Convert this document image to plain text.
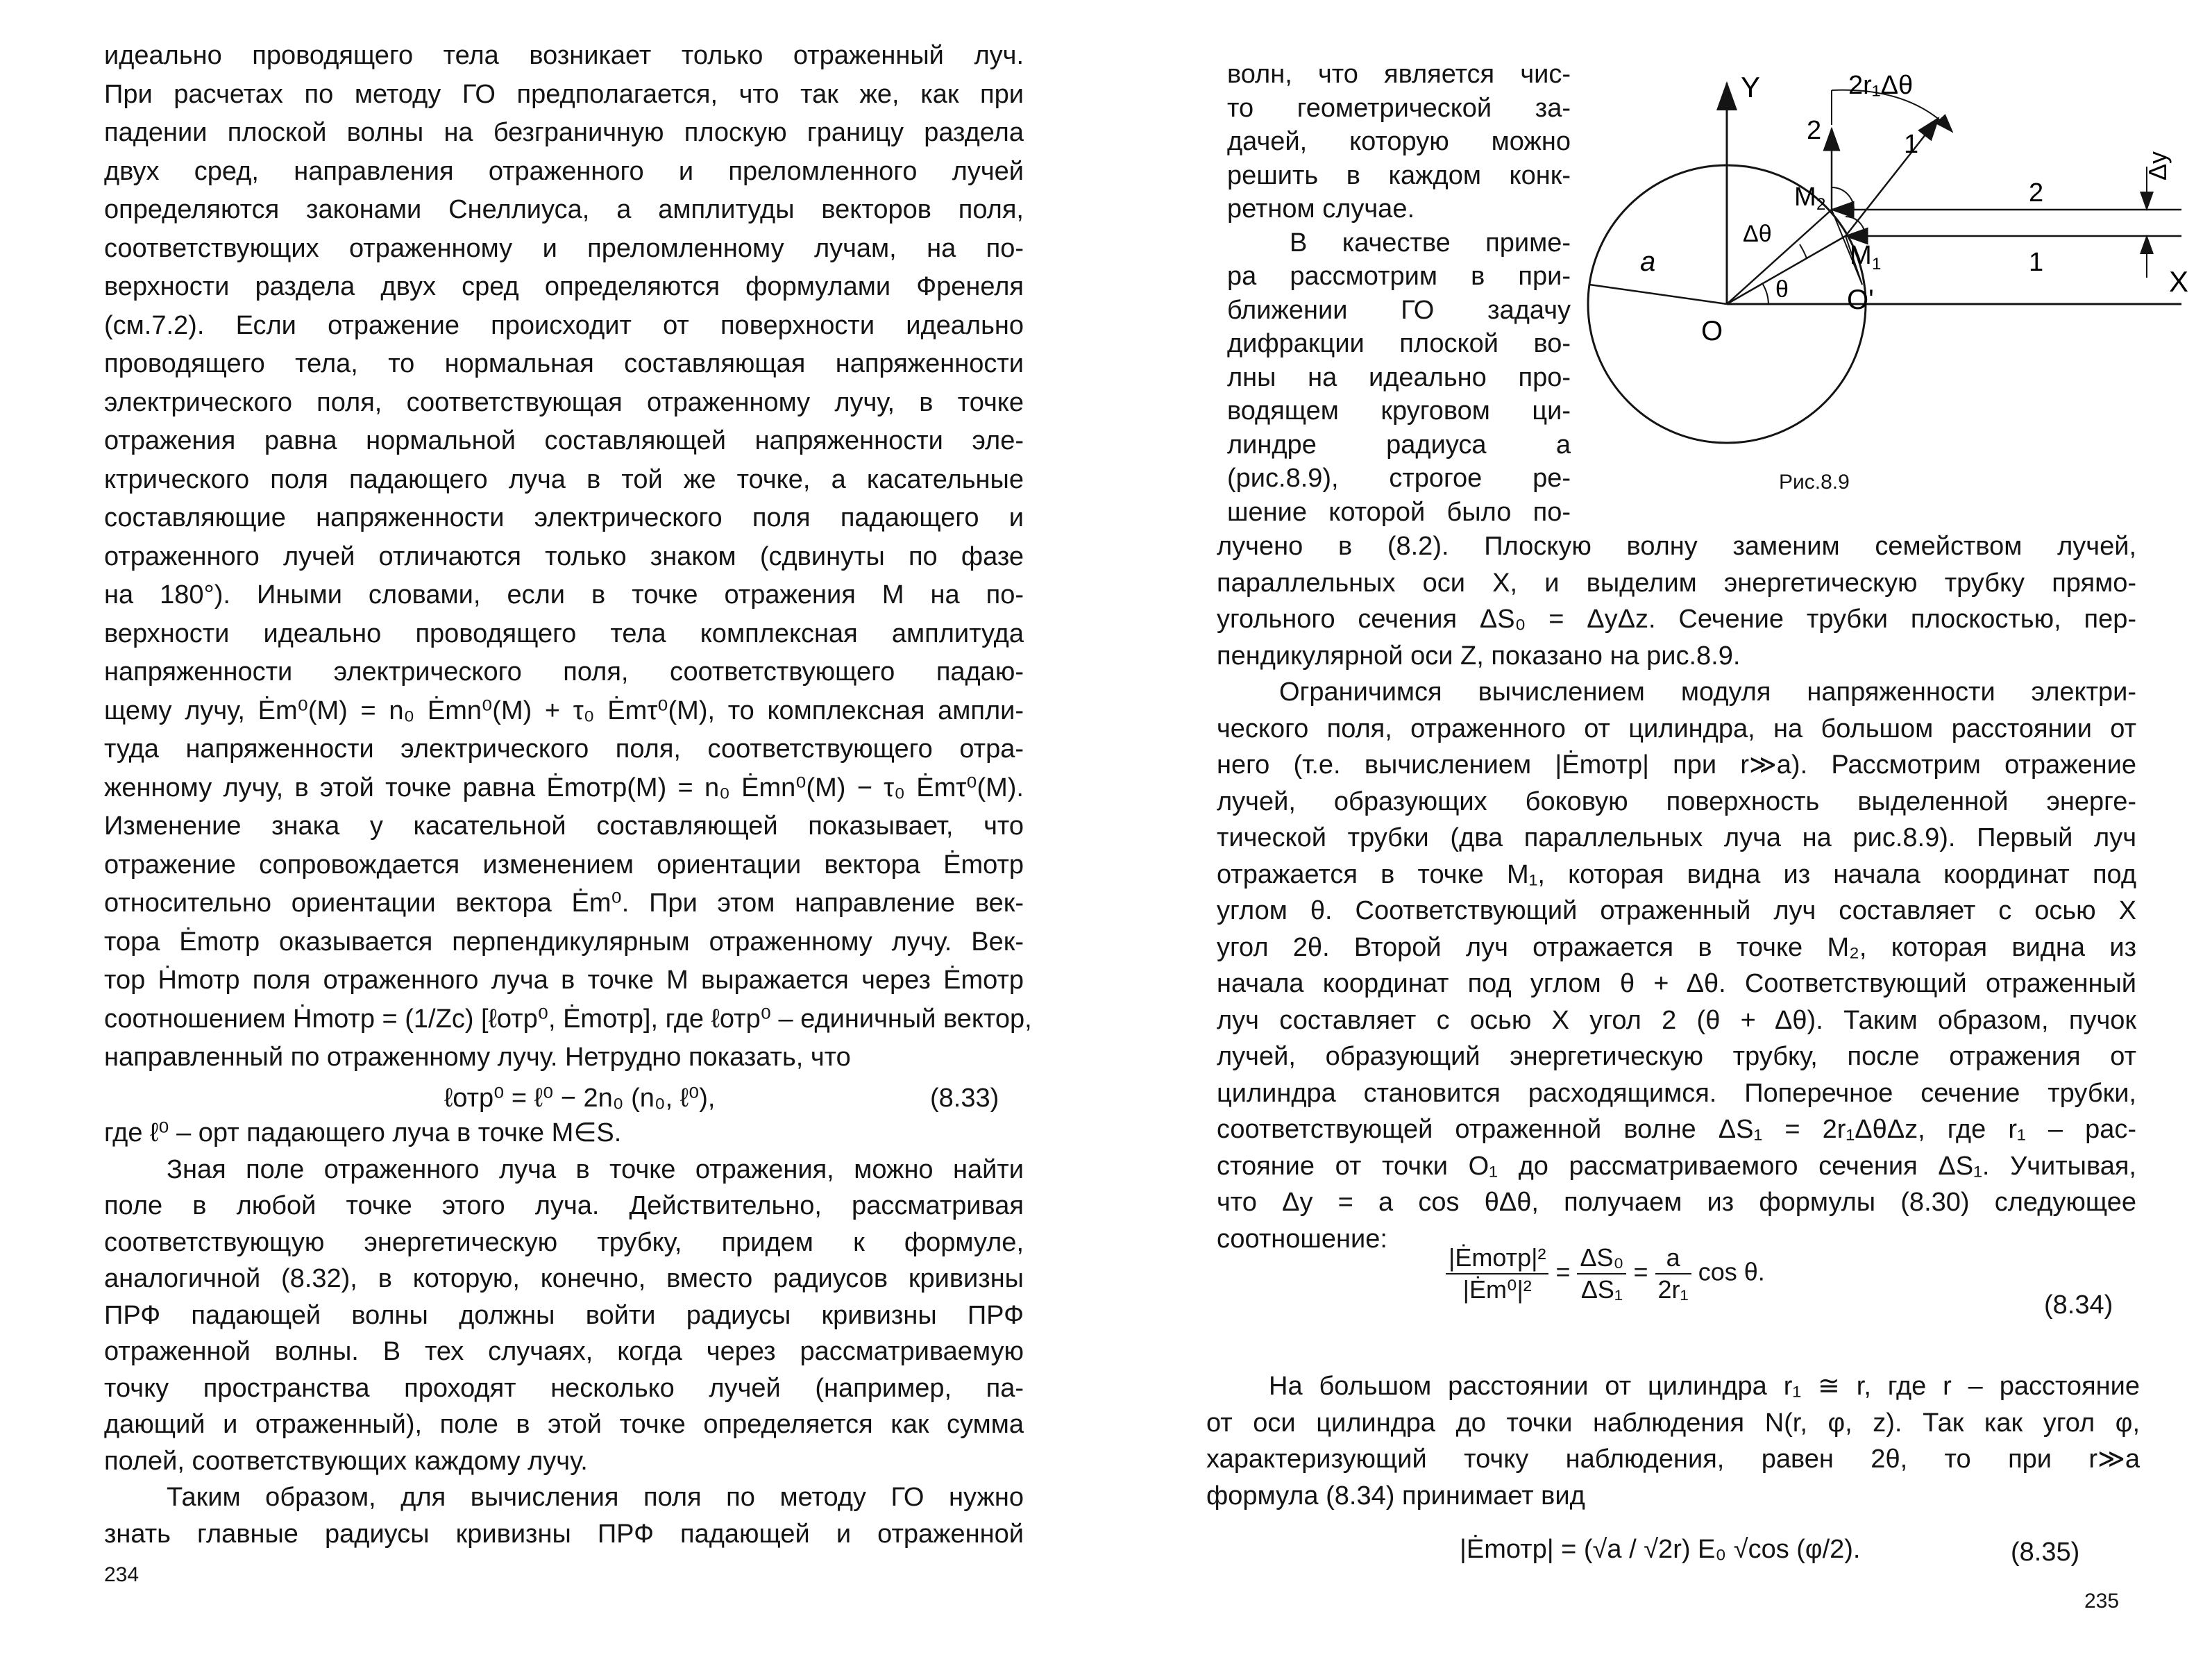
идеально проводящего тела возникает только отраженный луч.
При расчетах по методу ГО предполагается, что так же, как при
падении плоской волны на безграничную плоскую границу раздела
двух сред, направления отраженного и преломленного лучей
определяются законами Снеллиуса, а амплитуды векторов поля,
соответствующих отраженному и преломленному лучам, на по-
верхности раздела двух сред определяются формулами Френеля
(см.7.2). Если отражение происходит от поверхности идеально
проводящего тела, то нормальная составляющая напряженности
электрического поля, соответствующая отраженному лучу, в точке
отражения равна нормальной составляющей напряженности эле-
ктрического поля падающего луча в той же точке, а касательные
составляющие напряженности электрического поля падающего и
отраженного лучей отличаются только знаком (сдвинуты по фазе
на 180°). Иными словами, если в точке отражения M на по-
верхности идеально проводящего тела комплексная амплитуда
напряженности электрического поля, соответствующего падаю-
щему лучу, Ėm⁰(M) = n₀ Ėmn⁰(M) + τ₀ Ėmτ⁰(M), то комплексная ампли-
туда напряженности электрического поля, соответствующего отра-
женному лучу, в этой точке равна Ėmотр(M) = n₀ Ėmn⁰(M) − τ₀ Ėmτ⁰(M).
Изменение знака у касательной составляющей показывает, что
отражение сопровождается изменением ориентации вектора Ėmотр
относительно ориентации вектора Ėm⁰. При этом направление век-
тора Ėmотр оказывается перпендикулярным отраженному лучу. Век-
тор Ḣmотр поля отраженного луча в точке M выражается через Ėmотр
соотношением Ḣmотр = (1/Zc) [ℓотр⁰, Ėmотр], где ℓотр⁰ – единичный вектор,
направленный по отраженному лучу. Нетрудно показать, что
ℓотр⁰ = ℓ⁰ − 2n₀ (n₀, ℓ⁰),	(8.33)
где ℓ⁰ – орт падающего луча в точке M∈S.
Зная поле отраженного луча в точке отражения, можно найти
поле в любой точке этого луча. Действительно, рассматривая
соответствующую энергетическую трубку, придем к формуле,
аналогичной (8.32), в которую, конечно, вместо радиусов кривизны
ПРФ падающей волны должны войти радиусы кривизны ПРФ
отраженной волны. В тех случаях, когда через рассматриваемую
точку пространства проходят несколько лучей (например, па-
дающий и отраженный), поле в этой точке определяется как сумма
полей, соответствующих каждому лучу.
Таким образом, для вычисления поля по методу ГО нужно
знать главные радиусы кривизны ПРФ падающей и отраженной
234
волн, что является чис-
то геометрической за-
дачей, которую можно
решить в каждом конк-
ретном случае.
В качестве приме-
ра рассмотрим в при-
ближении ГО задачу
дифракции плоской во-
лны на идеально про-
водящем круговом ци-
линдре радиуса a
(рис.8.9), строгое ре-
шение которой было по-
Y
X
O
O'
a
Δθ
θ
M 2
M 1
2r₁Δθ
Δy
2	1
2
1
Рис.8.9
лучено в (8.2). Плоскую волну заменим семейством лучей,
параллельных оси X, и выделим энергетическую трубку прямо-
угольного сечения ΔS₀ = ΔyΔz. Сечение трубки плоскостью, пер-
пендикулярной оси Z, показано на рис.8.9.
Ограничимся вычислением модуля напряженности электри-
ческого поля, отраженного от цилиндра, на большом расстоянии от
него (т.е. вычислением |Ėmотр| при r≫a). Рассмотрим отражение
лучей, образующих боковую поверхность выделенной энерге-
тической трубки (два параллельных луча на рис.8.9). Первый луч
отражается в точке M₁, которая видна из начала координат под
углом θ. Соответствующий отраженный луч составляет с осью X
угол 2θ. Второй луч отражается в точке M₂, которая видна из
начала координат под углом θ + Δθ. Соответствующий отраженный
луч составляет с осью X угол 2 (θ + Δθ). Таким образом, пучок
лучей, образующий энергетическую трубку, после отражения от
цилиндра становится расходящимся. Поперечное сечение трубки,
соответствующей отраженной волне ΔS₁ = 2r₁ΔθΔz, где r₁ – рас-
стояние от точки O₁ до рассматриваемого сечения ΔS₁. Учитывая,
что Δy = a cos θΔθ, получаем из формулы (8.30) следующее
соотношение:
$\frac{\text{|Ėmотр|²}}{\text{|Ėm⁰|²}} = \frac{\text{ΔS₀}}{\text{ΔS₁}} = \frac{a}{\text{2r₁}}$ cos θ.
(8.34)
На большом расстоянии от цилиндра r₁ ≅ r, где r – расстояние
от оси цилиндра до точки наблюдения N(r, φ, z). Так как угол φ,
характеризующий точку наблюдения, равен 2θ, то при r≫a
формула (8.34) принимает вид
|Ėmотр| = (√a / √2r) E₀ √cos (φ/2).	(8.35)
235
